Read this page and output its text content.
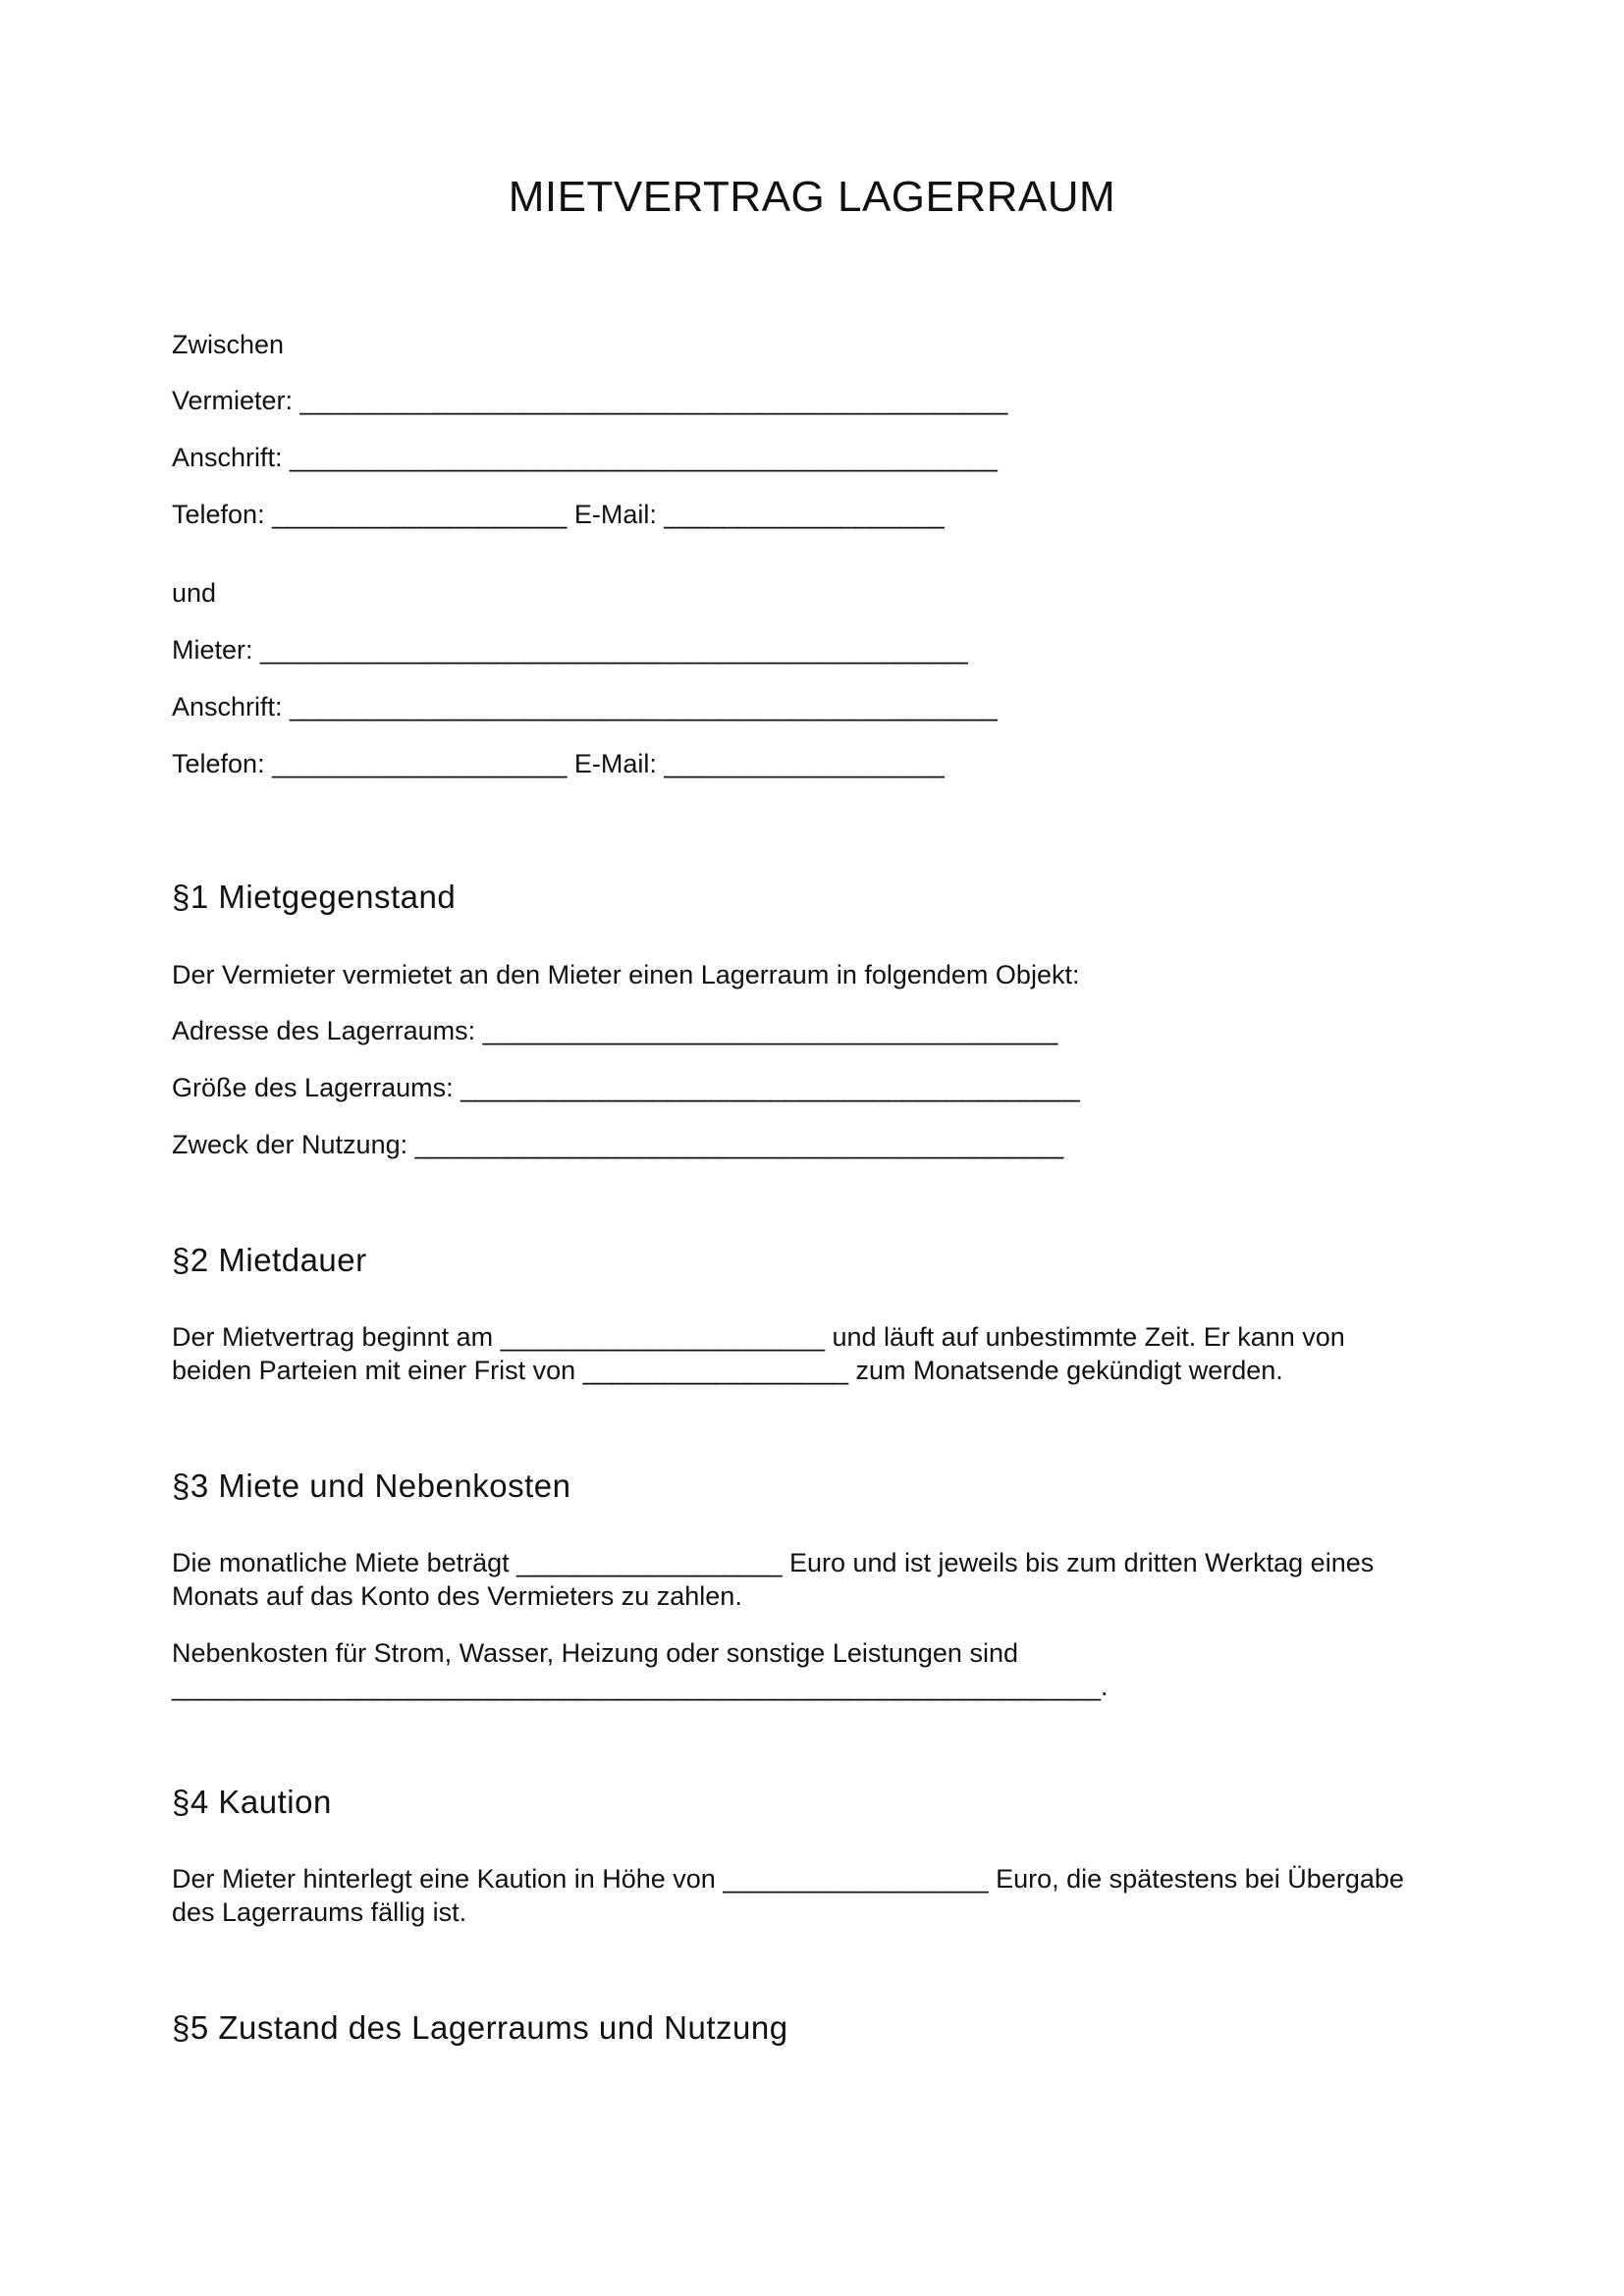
MIETVERTRAG LAGERRAUM

Zwischen

Vermieter: ________________________________________________

Anschrift: ________________________________________________

Telefon: ____________________ E-Mail: ___________________

und

Mieter: ________________________________________________

Anschrift: ________________________________________________

Telefon: ____________________ E-Mail: ___________________

§1 Mietgegenstand

Der Vermieter vermietet an den Mieter einen Lagerraum in folgendem Objekt:

Adresse des Lagerraums: _______________________________________

Größe des Lagerraums: __________________________________________

Zweck der Nutzung: ____________________________________________

§2 Mietdauer
Der Mietvertrag beginnt am ______________________ und läuft auf unbestimmte Zeit. Er kann von
beiden Parteien mit einer Frist von __________________ zum Monatsende gekündigt werden.
§3 Miete und Nebenkosten
Die monatliche Miete beträgt __________________ Euro und ist jeweils bis zum dritten Werktag eines
Monats auf das Konto des Vermieters zu zahlen.
Nebenkosten für Strom, Wasser, Heizung oder sonstige Leistungen sind
_______________________________________________________________.
§4 Kaution
Der Mieter hinterlegt eine Kaution in Höhe von __________________ Euro, die spätestens bei Übergabe
des Lagerraums fällig ist.
§5 Zustand des Lagerraums und Nutzung
